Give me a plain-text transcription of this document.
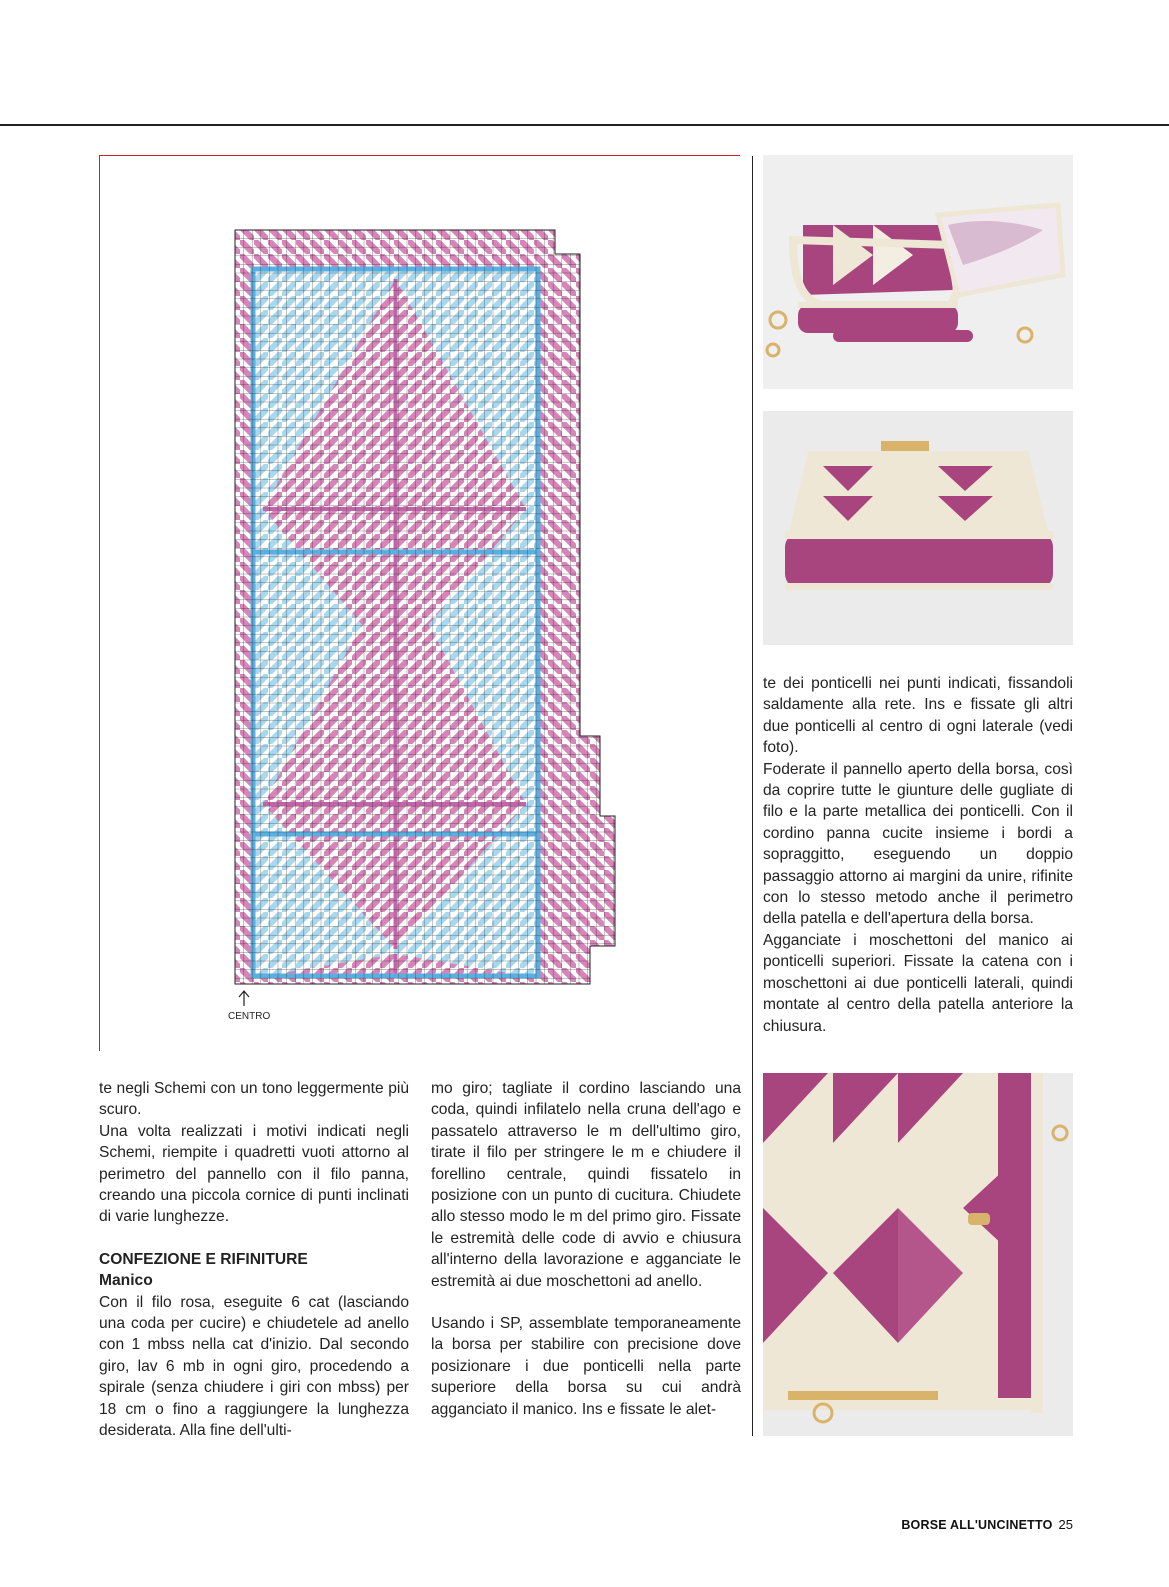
CENTRO

te negli Schemi con un tono leggermente più scuro.

Una volta realizzati i motivi indicati negli Schemi, riempite i quadretti vuoti attorno al perimetro del pannello con il filo panna, creando una piccola cornice di punti inclinati di varie lunghezze.

CONFEZIONE E RIFINITURE

Manico

Con il filo rosa, eseguite 6 cat (lasciando una coda per cucire) e chiudetele ad anello con 1 mbss nella cat d'inizio. Dal secondo giro, lav 6 mb in ogni giro, procedendo a spirale (senza chiudere i giri con mbss) per 18 cm o fino a raggiungere la lunghezza desiderata. Alla fine dell'ulti-

mo giro; tagliate il cordino lasciando una coda, quindi infilatelo nella cruna dell'ago e passatelo attraverso le m dell'ultimo giro, tirate il filo per stringere le m e chiudere il forellino centrale, quindi fissatelo in posizione con un punto di cucitura. Chiudete allo stesso modo le m del primo giro. Fissate le estremità delle code di avvio e chiusura all'interno della lavorazione e agganciate le estremità ai due moschettoni ad anello.

Usando i SP, assemblate temporaneamente la borsa per stabilire con precisione dove posizionare i due ponticelli nella parte superiore della borsa su cui andrà agganciato il manico. Ins e fissate le alet-

te dei ponticelli nei punti indicati, fissandoli saldamente alla rete. Ins e fissate gli altri due ponticelli al centro di ogni laterale (vedi foto).

Foderate il pannello aperto della borsa, così da coprire tutte le giunture delle gugliate di filo e la parte metallica dei ponticelli. Con il cordino panna cucite insieme i bordi a sopraggitto, eseguendo un doppio passaggio attorno ai margini da unire, rifinite con lo stesso metodo anche il perimetro della patella e dell'apertura della borsa.

Agganciate i moschettoni del manico ai ponticelli superiori. Fissate la catena con i moschettoni ai due ponticelli laterali, quindi montate al centro della patella anteriore la chiusura.

BORSE ALL'UNCINETTO 25
